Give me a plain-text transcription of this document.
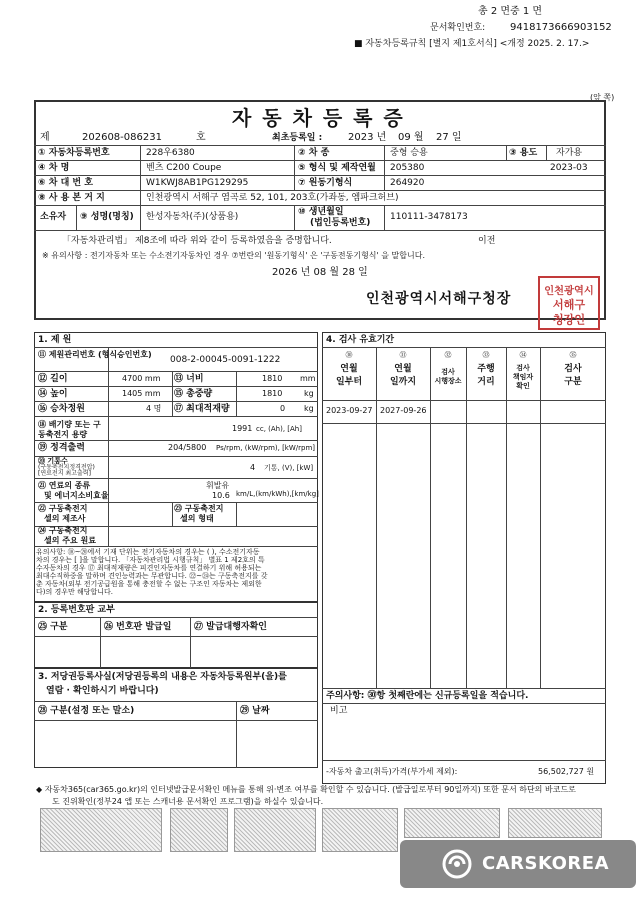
총 2 면중 1 면
문서확인번호: 9418173666903152
■ 자동차등록규칙 [별지 제1호서식] <개정 2025. 2. 17.>
(앞 쪽)
자 동 차 등 록 증
제	202608-086231	호	최초등록일 :	2023 년 09 월 27 일
① 자동차등록번호	228우6380	② 차 종	중형 승용	③ 용도 자가용
④ 차 명	벤츠 C200 Coupe	⑤ 형식 및 제작연월 205380	2023-03
⑥ 차 대 번 호	W1KWJ8AB1PG129295	⑦ 원동기형식	264920
⑧ 사 용 본 거 지	인천광역시 서해구 염곡로 52, 101, 203호(가좌동, 엠파크허브)
소유자 ⑨ 성명(명칭) 한성자동차(주)(상품용)	⑩ 생년월일
(법인등록번호)
110111-3478173
「자동차관리법」 제8조에 따라 위와 같이 등록하였음을 증명합니다.	이전
※ 유의사항 : 전기자동차 또는 수소전기자동차인 경우 ⑦번란의 '원동기형식' 은 '구동전동기형식' 을 말합니다.
2026 년 08 월 28 일
인천광역시서해구청장
인천광역시
서해구
청장인
1. 제 원
⑪ 제원관리번호 (형식승인번호)
008-2-00045-0091-1222
⑫ 길이	4700 mm ⑬ 너비	1810 mm
⑭ 높이	1405 mm ⑮ 총중량	1810	kg
⑯ 승차정원	4 명 ⑰ 최대적재량	0 kg
⑱ 배기량 또는 구동축전지 용량
1991 cc, (Ah), [Ah]
⑲ 정격출력	204/5800 Ps/rpm, (kW/rpm), [kW/rpm]
⑳ 기통수
(구동축전지정격전압)
[연료전지 최고출력]
4 기통, (V), [kW]
㉑ 연료의 종류
및 에너지소비효율
휘발유
10.6 km/L,(km/kWh),[km/kg]
㉒ 구동축전지
셀의 제조사
㉓ 구동축전지
셀의 형태
㉔ 구동축전지
셀의 주요 원료
유의사항: ⑱~⑳에서 기재 단위는 전기자동차의 경우는 ( ), 수소전기자동
차의 경우는 [ ]을 말합니다. 「자동차관리법 시행규칙」 별표 1 제2호의 특
수자동차의 경우 ⑰ 최대적재량은 피견인자동차를 연결하기 위해 허용되는
최대수직하중을 말하며 견인능력과는 무관합니다. ㉒~㉔는 구동축전지를 갖
춘 자동차(외부 전기공급원을 통해 충전할 수 없는 구조인 자동차는 제외한
다)의 경우만 해당합니다.
2. 등록번호판 교부
㉕ 구분	㉖ 번호판 발급일	㉗ 발급대행자확인
3. 저당권등록사실(저당권등록의 내용은 자동차등록원부(을)를
열람 · 확인하시기 바랍니다)
㉘ 구분(설정 또는 말소)	㉙ 날짜
4. 검사 유효기간
㉚
연월
일부터
㉛
연월
일까지
㉜
검사
시행장소
㉝
주행
거리
㉞
검사
책임자
확인
㉟
검사
구분
2023-09-27 2027-09-26
주의사항: ㉚항 첫째란에는 신규등록일을 적습니다.
비고
-자동차 출고(취득)가격(부가세 제외):	56,502,727 원
◆ 자동차365(car365.go.kr)의 인터넷발급문서확인 메뉴를 통해 위·변조 여부를 확인할 수 있습니다. (발급일로부터 90일까지) 또한 문서 하단의 바코드로
도 진위확인(정부24 앱 또는 스캐너용 문서확인 프로그램)을 하실수 있습니다.
CARSKOREA
